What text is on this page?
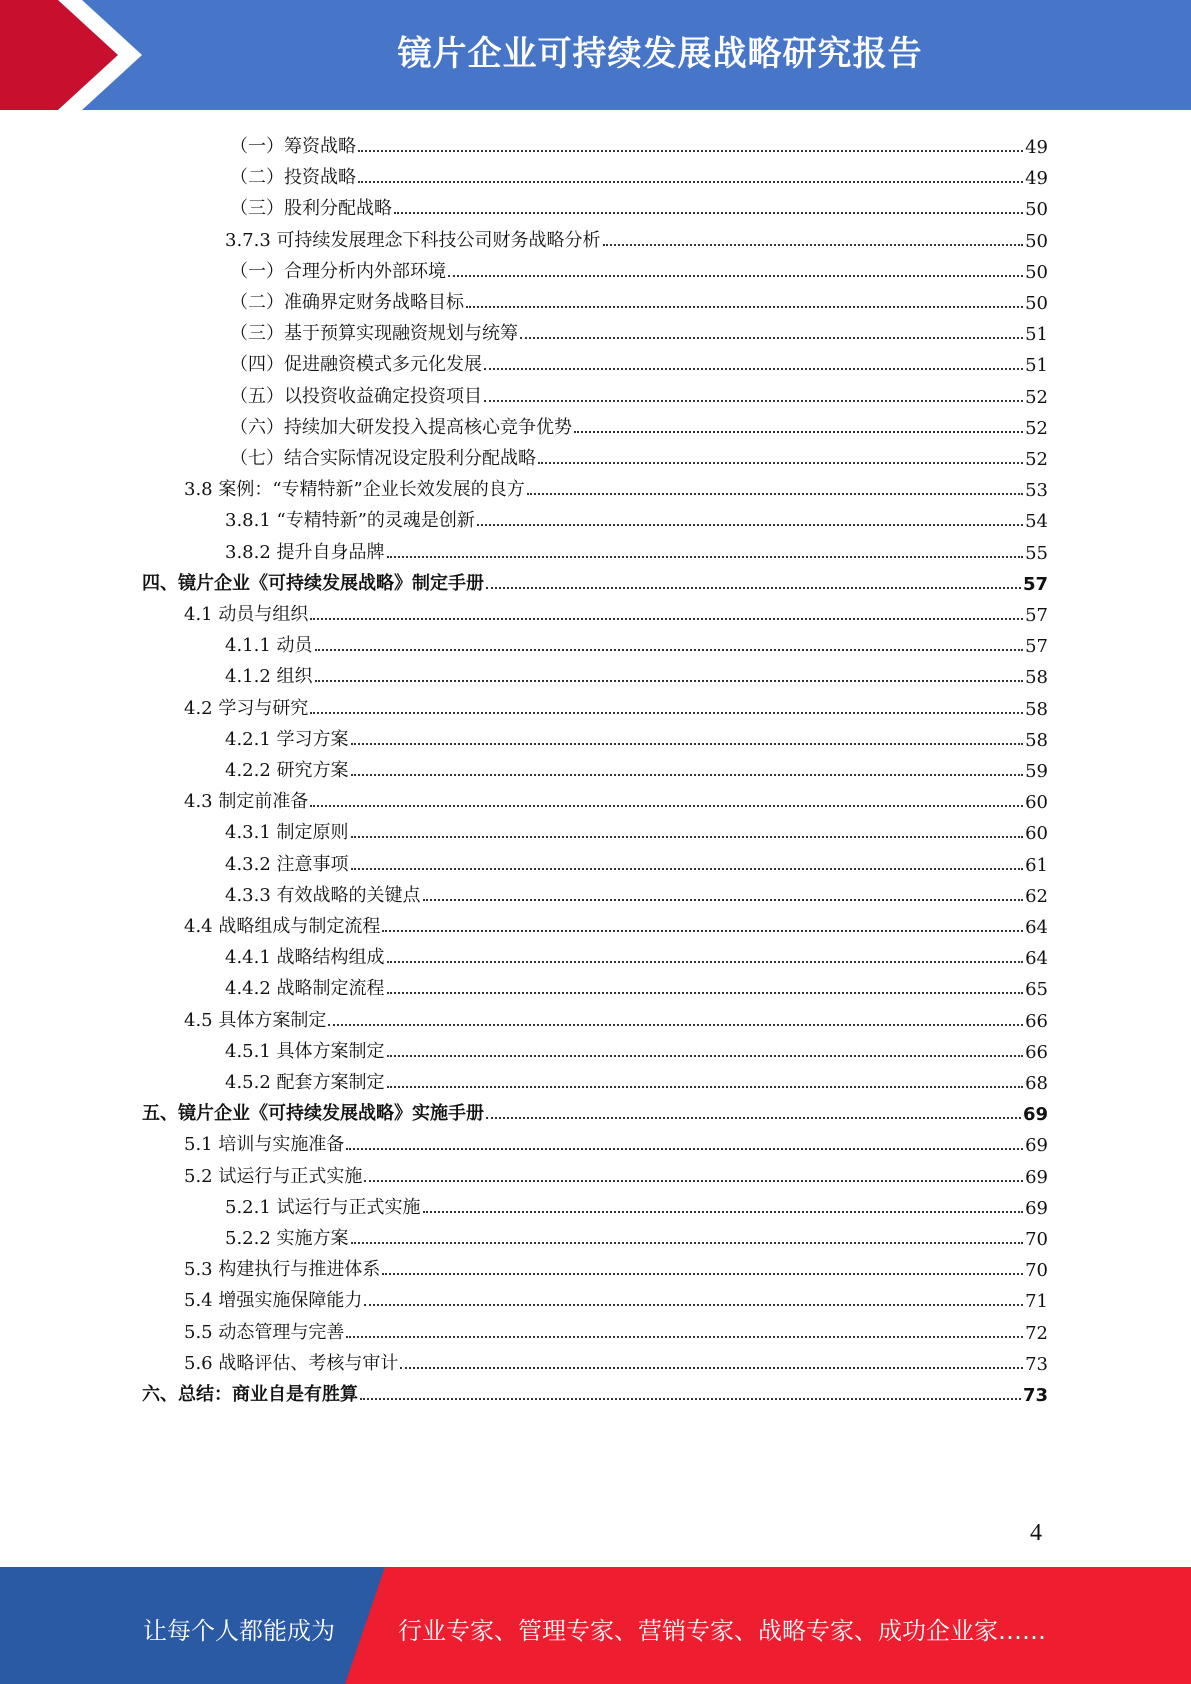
镜片企业可持续发展战略研究报告
（一）筹资战略	49
（二）投资战略	49
（三）股利分配战略	50
3.7.3 可持续发展理念下科技公司财务战略分析	50
（一）合理分析内外部环境	50
（二）准确界定财务战略目标	50
（三）基于预算实现融资规划与统筹	51
（四）促进融资模式多元化发展	51
（五）以投资收益确定投资项目	52
（六）持续加大研发投入提高核心竞争优势	52
（七）结合实际情况设定股利分配战略	52
3.8 案例：“专精特新”企业长效发展的良方	53
3.8.1 “专精特新”的灵魂是创新	54
3.8.2 提升自身品牌	55
四、镜片企业《可持续发展战略》制定手册	57
4.1 动员与组织	57
4.1.1 动员	57
4.1.2 组织	58
4.2 学习与研究	58
4.2.1 学习方案	58
4.2.2 研究方案	59
4.3 制定前准备	60
4.3.1 制定原则	60
4.3.2 注意事项	61
4.3.3 有效战略的关键点	62
4.4 战略组成与制定流程	64
4.4.1 战略结构组成	64
4.4.2 战略制定流程	65
4.5 具体方案制定	66
4.5.1 具体方案制定	66
4.5.2 配套方案制定	68
五、镜片企业《可持续发展战略》实施手册	69
5.1 培训与实施准备	69
5.2 试运行与正式实施	69
5.2.1 试运行与正式实施	69
5.2.2 实施方案	70
5.3 构建执行与推进体系	70
5.4 增强实施保障能力	71
5.5 动态管理与完善	72
5.6 战略评估、考核与审计	73
六、总结：商业自是有胜算	73
4
让每个人都能成为	行业专家、管理专家、营销专家、战略专家、成功企业家……
